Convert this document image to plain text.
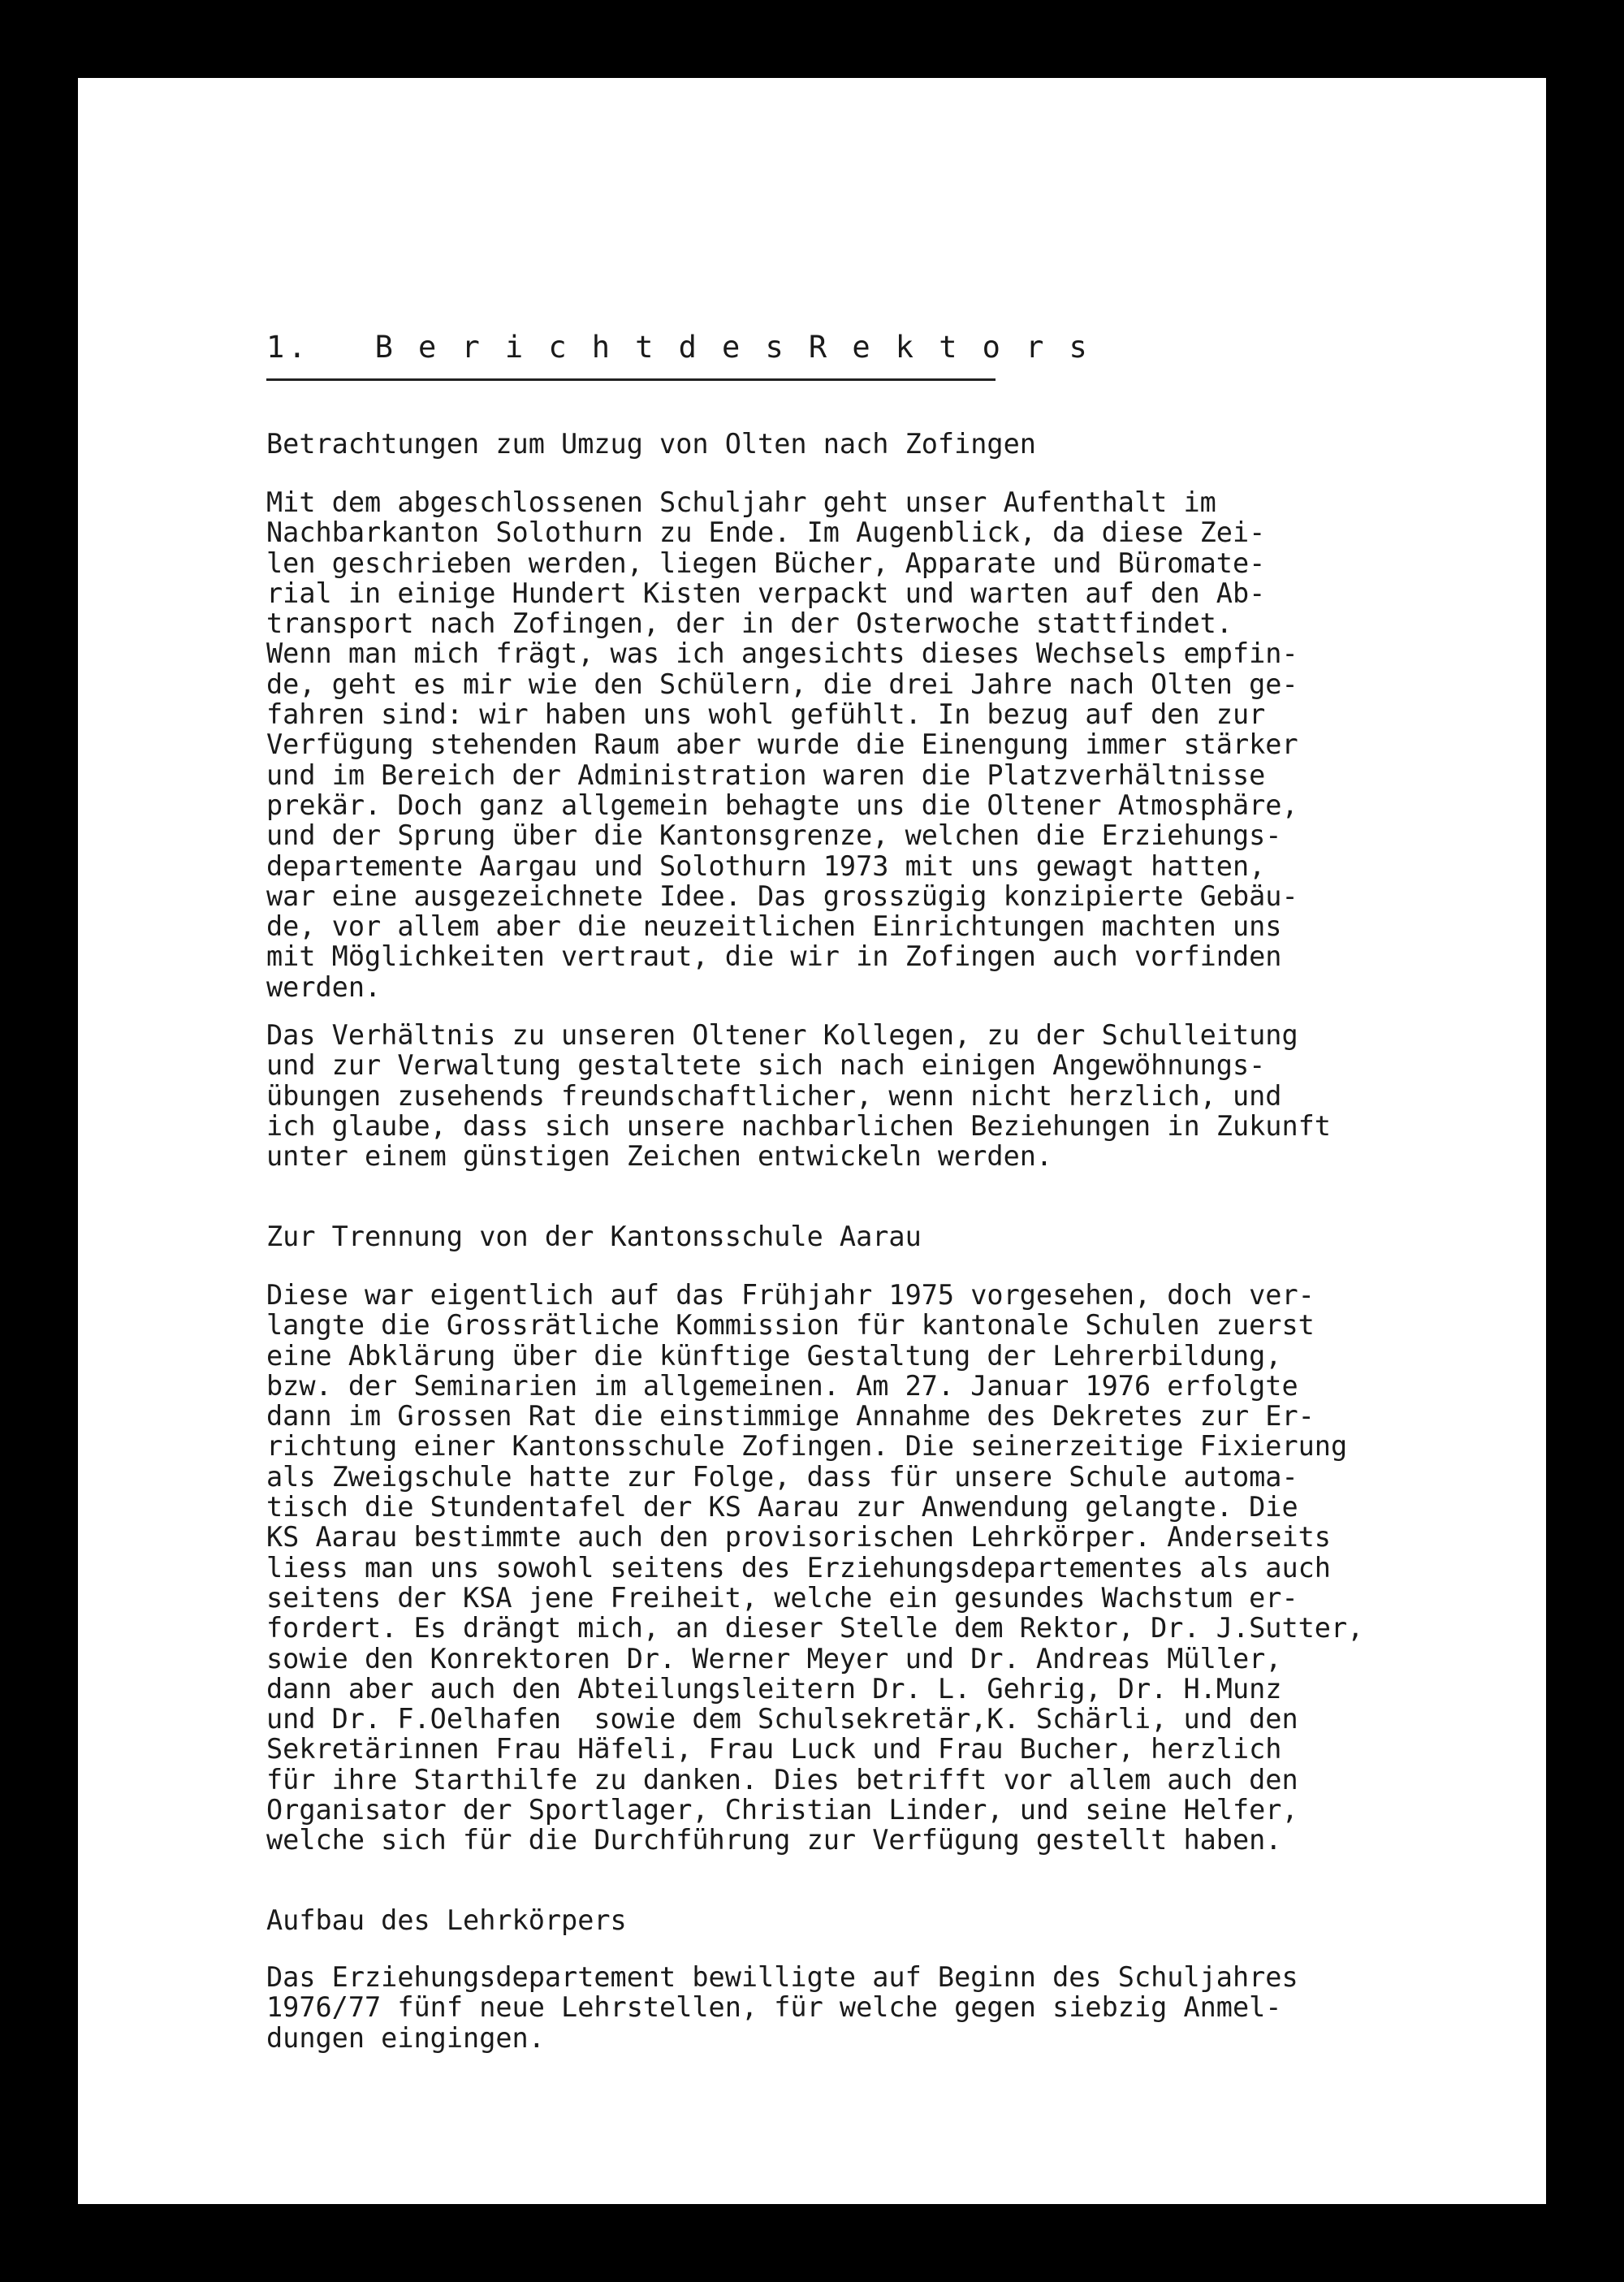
1. B e r i c h t d e s R e k t o r s
Betrachtungen zum Umzug von Olten nach Zofingen

Mit dem abgeschlossenen Schuljahr geht unser Aufenthalt im
Nachbarkanton Solothurn zu Ende. Im Augenblick, da diese Zei-
len geschrieben werden, liegen Bücher, Apparate und Büromate-
rial in einige Hundert Kisten verpackt und warten auf den Ab-
transport nach Zofingen, der in der Osterwoche stattfindet.
Wenn man mich frägt, was ich angesichts dieses Wechsels empfin-
de, geht es mir wie den Schülern, die drei Jahre nach Olten ge-
fahren sind: wir haben uns wohl gefühlt. In bezug auf den zur
Verfügung stehenden Raum aber wurde die Einengung immer stärker
und im Bereich der Administration waren die Platzverhältnisse
prekär. Doch ganz allgemein behagte uns die Oltener Atmosphäre,
und der Sprung über die Kantonsgrenze, welchen die Erziehungs-
departemente Aargau und Solothurn 1973 mit uns gewagt hatten,
war eine ausgezeichnete Idee. Das grosszügig konzipierte Gebäu-
de, vor allem aber die neuzeitlichen Einrichtungen machten uns
mit Möglichkeiten vertraut, die wir in Zofingen auch vorfinden
werden.

Das Verhältnis zu unseren Oltener Kollegen, zu der Schulleitung
und zur Verwaltung gestaltete sich nach einigen Angewöhnungs-
übungen zusehends freundschaftlicher, wenn nicht herzlich, und
ich glaube, dass sich unsere nachbarlichen Beziehungen in Zukunft
unter einem günstigen Zeichen entwickeln werden.

Zur Trennung von der Kantonsschule Aarau

Diese war eigentlich auf das Frühjahr 1975 vorgesehen, doch ver-
langte die Grossrätliche Kommission für kantonale Schulen zuerst
eine Abklärung über die künftige Gestaltung der Lehrerbildung,
bzw. der Seminarien im allgemeinen. Am 27. Januar 1976 erfolgte
dann im Grossen Rat die einstimmige Annahme des Dekretes zur Er-
richtung einer Kantonsschule Zofingen. Die seinerzeitige Fixierung
als Zweigschule hatte zur Folge, dass für unsere Schule automa-
tisch die Stundentafel der KS Aarau zur Anwendung gelangte. Die
KS Aarau bestimmte auch den provisorischen Lehrkörper. Anderseits
liess man uns sowohl seitens des Erziehungsdepartementes als auch
seitens der KSA jene Freiheit, welche ein gesundes Wachstum er-
fordert. Es drängt mich, an dieser Stelle dem Rektor, Dr. J.Sutter,
sowie den Konrektoren Dr. Werner Meyer und Dr. Andreas Müller,
dann aber auch den Abteilungsleitern Dr. L. Gehrig, Dr. H.Munz
und Dr. F.Oelhafen  sowie dem Schulsekretär,K. Schärli, und den
Sekretärinnen Frau Häfeli, Frau Luck und Frau Bucher, herzlich
für ihre Starthilfe zu danken. Dies betrifft vor allem auch den
Organisator der Sportlager, Christian Linder, und seine Helfer,
welche sich für die Durchführung zur Verfügung gestellt haben.

Aufbau des Lehrkörpers

Das Erziehungsdepartement bewilligte auf Beginn des Schuljahres
1976/77 fünf neue Lehrstellen, für welche gegen siebzig Anmel-
dungen eingingen.
